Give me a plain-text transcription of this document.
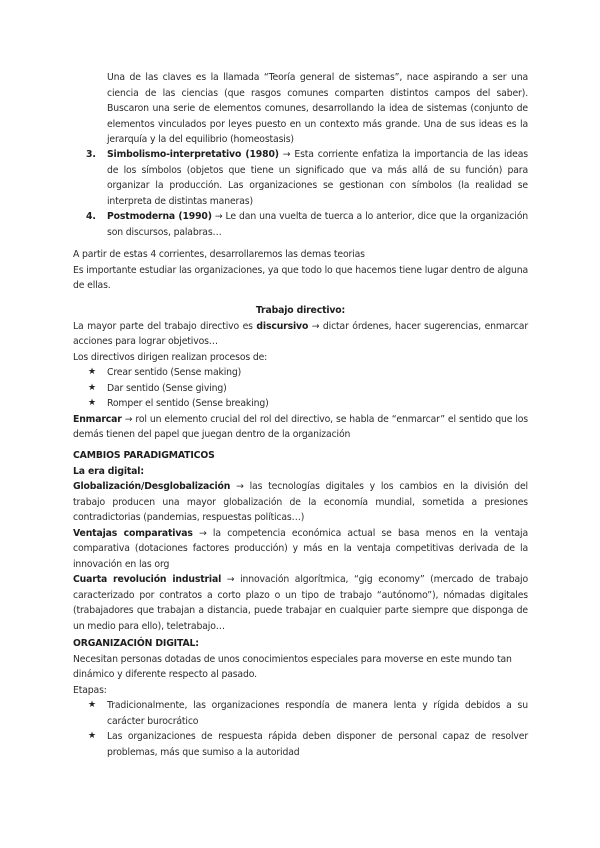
Una de las claves es la llamada “Teoría general de sistemas”, nace aspirando a ser una ciencia de las ciencias (que rasgos comunes comparten distintos campos del saber). Buscaron una serie de elementos comunes, desarrollando la idea de sistemas (conjunto de elementos vinculados por leyes puesto en un contexto más grande. Una de sus ideas es la jerarquía y la del equilibrio (homeostasis)

3. Simbolismo-interpretativo (1980) → Esta corriente enfatiza la importancia de las ideas de los símbolos (objetos que tiene un significado que va más allá de su función) para organizar la producción. Las organizaciones se gestionan con símbolos (la realidad se interpreta de distintas maneras)
4. Postmoderna (1990) → Le dan una vuelta de tuerca a lo anterior, dice que la organización son discursos, palabras…

A partir de estas 4 corrientes, desarrollaremos las demas teorias

Es importante estudiar las organizaciones, ya que todo lo que hacemos tiene lugar dentro de alguna de ellas.

Trabajo directivo:

La mayor parte del trabajo directivo es discursivo → dictar órdenes, hacer sugerencias, enmarcar acciones para lograr objetivos…

Los directivos dirigen realizan procesos de:

★ Crear sentido (Sense making)
★ Dar sentido (Sense giving)
★ Romper el sentido (Sense breaking)

Enmarcar → rol un elemento crucial del rol del directivo, se habla de “enmarcar” el sentido que los demás tienen del papel que juegan dentro de la organización

CAMBIOS PARADIGMATICOS

La era digital:

Globalización/Desglobalización → las tecnologías digitales y los cambios en la división del trabajo producen una mayor globalización de la economía mundial, sometida a presiones contradictorias (pandemias, respuestas políticas…)

Ventajas comparativas → la competencia económica actual se basa menos en la ventaja comparativa (dotaciones factores producción) y más en la ventaja competitivas derivada de la innovación en las org

Cuarta revolución industrial → innovación algorítmica, “gig economy” (mercado de trabajo caracterizado por contratos a corto plazo o un tipo de trabajo “autónomo”), nómadas digitales (trabajadores que trabajan a distancia, puede trabajar en cualquier parte siempre que disponga de un medio para ello), teletrabajo…

ORGANIZACIÓN DIGITAL:

Necesitan personas dotadas de unos conocimientos especiales para moverse en este mundo tan dinámico y diferente respecto al pasado.

Etapas:

★ Tradicionalmente, las organizaciones respondía de manera lenta y rígida debidos a su carácter burocrático
★ Las organizaciones de respuesta rápida deben disponer de personal capaz de resolver problemas, más que sumiso a la autoridad
